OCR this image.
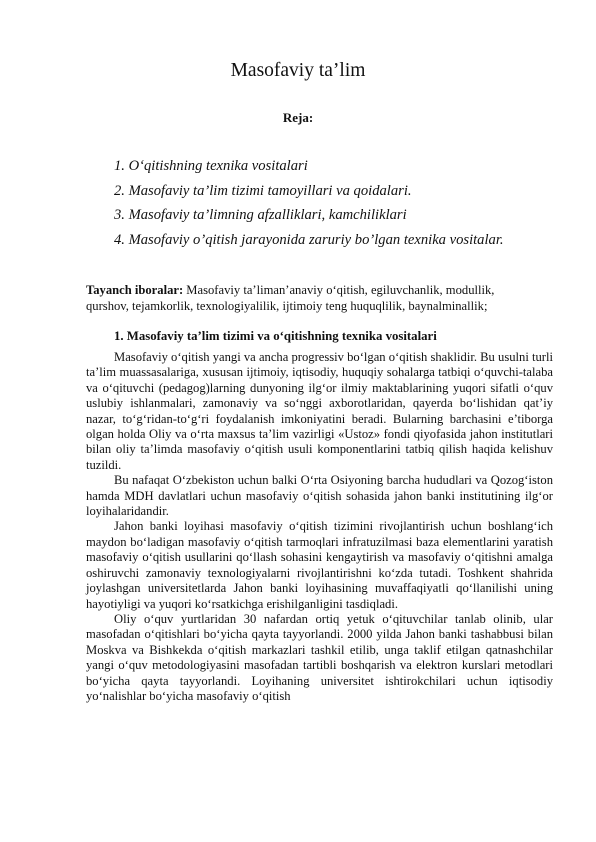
Masofaviy ta’lim
Reja:
1. O‘qitishning texnika vositalari
2. Masofaviy ta’lim tizimi tamoyillari va qoidalari.
3. Masofaviy ta’limning afzalliklari, kamchiliklari
4. Masofaviy o’qitish jarayonida zaruriy bo’lgan texnika vositalar.

Tayanch iboralar: Masofaviy ta’liman’anaviy o‘qitish, egiluvchanlik, modullik, qurshov, tejamkorlik, texnologiyalilik, ijtimoiy teng huquqlilik, baynalminallik;

1. Masofaviy ta’lim tizimi va o‘qitishning texnika vositalari

Masofaviy o‘qitish yangi va ancha progressiv bo‘lgan o‘qitish shaklidir. Bu usulni turli ta’lim muassasalariga, xususan ijtimoiy, iqtisodiy, huquqiy sohalarga tatbiqi o‘quvchi-talaba va o‘qituvchi (pedagog)larning dunyoning ilg‘or ilmiy maktablarining yuqori sifatli o‘quv uslubiy ishlanmalari, zamonaviy va so‘nggi axborotlaridan, qayerda bo‘lishidan qat’iy nazar, to‘g‘ridan-to‘g‘ri foydalanish imkoniyatini beradi. Bularning barchasini e’tiborga olgan holda Oliy va o‘rta maxsus ta’lim vazirligi «Ustoz» fondi qiyofasida jahon institutlari bilan oliy ta’limda masofaviy o‘qitish usuli komponentlarini tatbiq qilish haqida kelishuv tuzildi.

Bu nafaqat O‘zbekiston uchun balki O‘rta Osiyoning barcha hududlari va Qozog‘iston hamda MDH davlatlari uchun masofaviy o‘qitish sohasida jahon banki institutining ilg‘or loyihalaridandir.

Jahon banki loyihasi masofaviy o‘qitish tizimini rivojlantirish uchun boshlang‘ich maydon bo‘ladigan masofaviy o‘qitish tarmoqlari infratuzilmasi baza elementlarini yaratish masofaviy o‘qitish usullarini qo‘llash sohasini kengaytirish va masofaviy o‘qitishni amalga oshiruvchi zamonaviy texnologiyalarni rivojlantirishni ko‘zda tutadi. Toshkent shahrida joylashgan universitetlarda Jahon banki loyihasining muvaffaqiyatli qo‘llanilishi uning hayotiyligi va yuqori ko‘rsatkichga erishilganligini tasdiqladi.

Oliy o‘quv yurtlaridan 30 nafardan ortiq yetuk o‘qituvchilar tanlab olinib, ular masofadan o‘qitishlari bo‘yicha qayta tayyorlandi. 2000 yilda Jahon banki tashabbusi bilan Moskva va Bishkekda o‘qitish markazlari tashkil etilib, unga taklif etilgan qatnashchilar yangi o‘quv metodologiyasini masofadan tartibli boshqarish va elektron kurslari metodlari bo‘yicha qayta tayyorlandi. Loyihaning universitet ishtirokchilari uchun iqtisodiy yo‘nalishlar bo‘yicha masofaviy o‘qitish
